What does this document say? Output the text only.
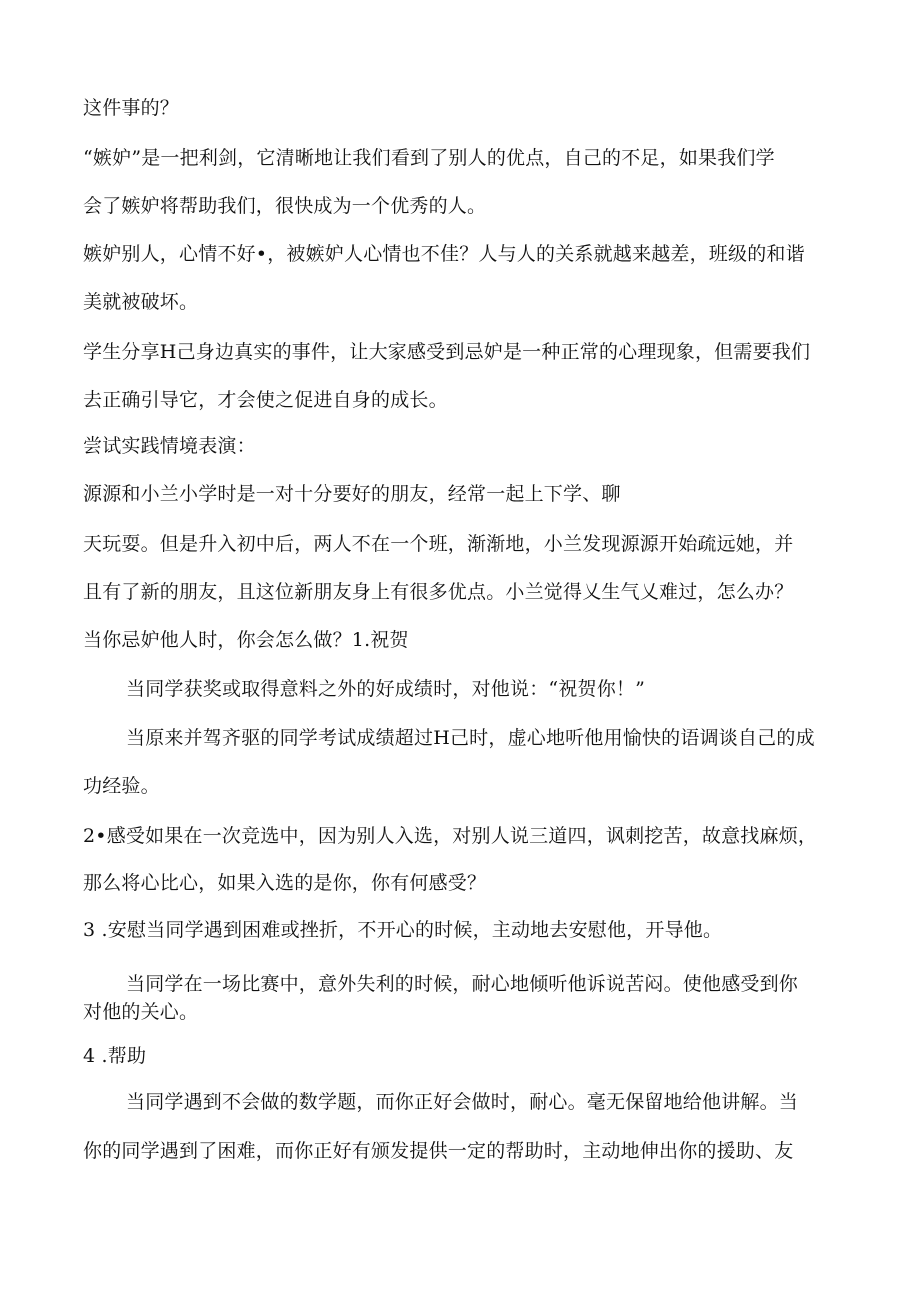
这件事的？
“嫉妒”是一把利剑，它清晰地让我们看到了别人的优点，自己的不足，如果我们学
会了嫉妒将帮助我们，很快成为一个优秀的人。
嫉妒别人，心情不好•，被嫉妒人心情也不佳？人与人的关系就越来越差，班级的和谐
美就被破坏。
学生分享H己身边真实的事件，让大家感受到忌妒是一种正常的心理现象，但需要我们
去正确引导它，才会使之促进自身的成长。
尝试实践情境表演：
源源和小兰小学时是一对十分要好的朋友，经常一起上下学、聊
天玩耍。但是升入初中后，两人不在一个班，渐渐地，小兰发现源源开始疏远她，并
且有了新的朋友，且这位新朋友身上有很多优点。小兰觉得乂生气乂难过，怎么办？
当你忌妒他人时，你会怎么做？1.祝贺
当同学获奖或取得意料之外的好成绩时，对他说：“祝贺你！”
当原来并驾齐驱的同学考试成绩超过H己时，虚心地听他用愉快的语调谈自己的成
功经验。
2•感受如果在一次竞选中，因为别人入选，对别人说三道四，讽刺挖苦，故意找麻烦，
那么将心比心，如果入选的是你，你有何感受？
3 .安慰当同学遇到困难或挫折，不开心的时候，主动地去安慰他，开导他。
当同学在一场比赛中，意外失利的时候，耐心地倾听他诉说苦闷。使他感受到你
对他的关心。
4 .帮助
当同学遇到不会做的数学题，而你正好会做时，耐心。毫无保留地给他讲解。当
你的同学遇到了困难，而你正好有颁发提供一定的帮助时，主动地伸出你的援助、友
